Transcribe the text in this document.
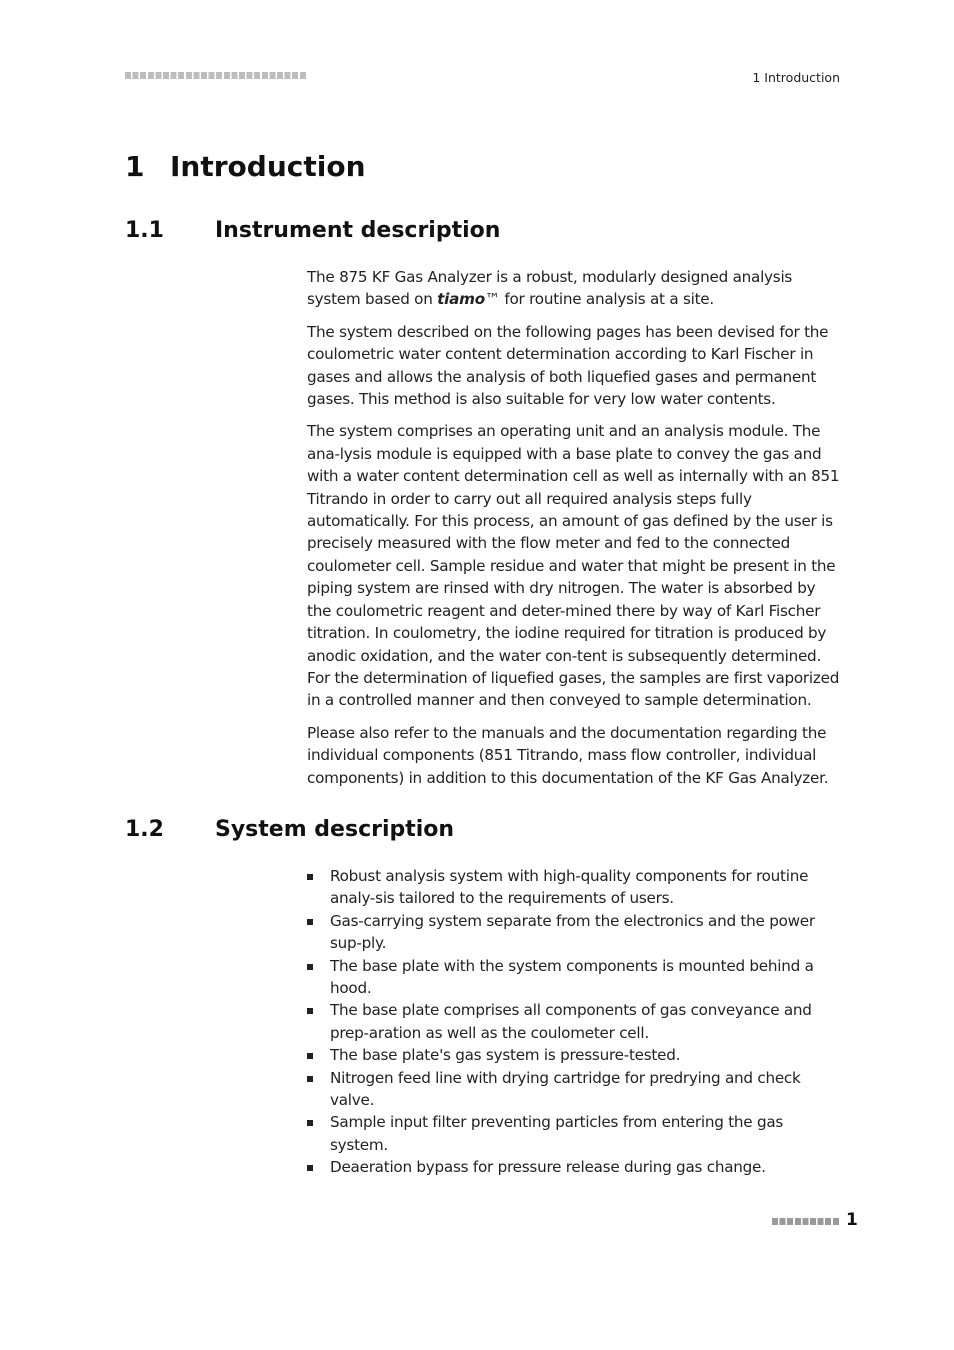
1 Introduction
1 Introduction
1.1 Instrument description

The 875 KF Gas Analyzer is a robust, modularly designed analysis system based on tiamo™ for routine analysis at a site.

The system described on the following pages has been devised for the coulometric water content determination according to Karl Fischer in gases and allows the analysis of both liquefied gases and permanent gases. This method is also suitable for very low water contents.

The system comprises an operating unit and an analysis module. The ana-lysis module is equipped with a base plate to convey the gas and with a water content determination cell as well as internally with an 851 Titrando in order to carry out all required analysis steps fully automatically. For this process, an amount of gas defined by the user is precisely measured with the flow meter and fed to the connected coulometer cell. Sample residue and water that might be present in the piping system are rinsed with dry nitrogen. The water is absorbed by the coulometric reagent and deter-mined there by way of Karl Fischer titration. In coulometry, the iodine required for titration is produced by anodic oxidation, and the water con-tent is subsequently determined. For the determination of liquefied gases, the samples are first vaporized in a controlled manner and then conveyed to sample determination.

Please also refer to the manuals and the documentation regarding the individual components (851 Titrando, mass flow controller, individual components) in addition to this documentation of the KF Gas Analyzer.

1.2 System description
Robust analysis system with high-quality components for routine analy-sis tailored to the requirements of users.
Gas-carrying system separate from the electronics and the power sup-ply.
The base plate with the system components is mounted behind a hood.
The base plate comprises all components of gas conveyance and prep-aration as well as the coulometer cell.
The base plate's gas system is pressure-tested.
Nitrogen feed line with drying cartridge for predrying and check valve.
Sample input filter preventing particles from entering the gas system.
Deaeration bypass for pressure release during gas change.
1
